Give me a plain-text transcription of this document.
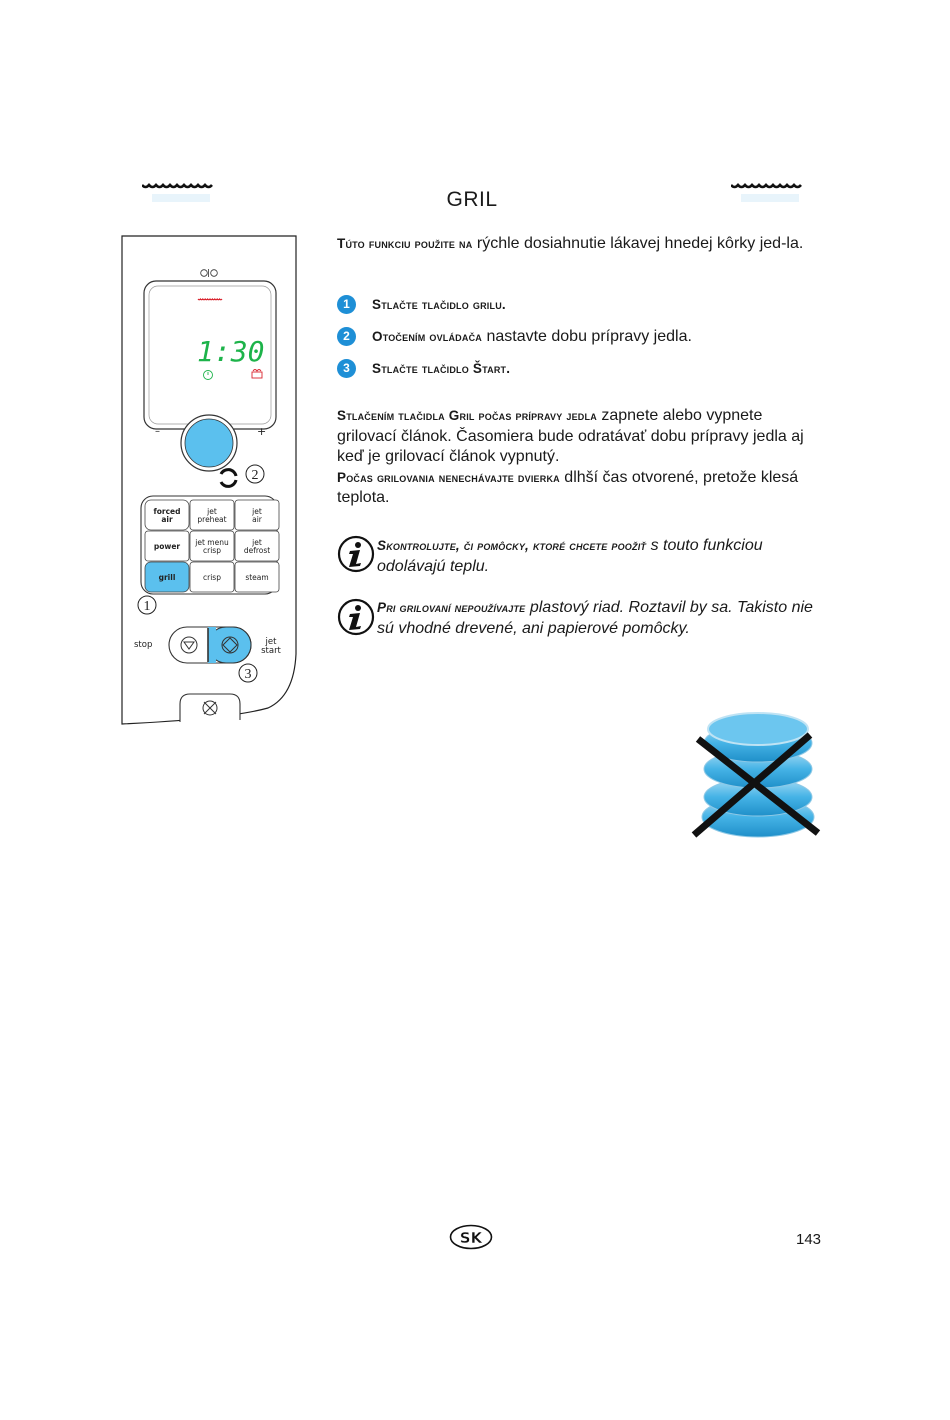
GRIL
Túto funkciu použite na rýchle dosiahnutie lákavej hnedej kôrky jed-la.
1 Stlačte tlačidlo grilu.
2 Otočením ovládača nastavte dobu prípravy jedla.
3 Stlačte tlačidlo Štart.
Stlačením tlačidla Gril počas prípravy jedla zapnete alebo vypnete grilovací článok. Časomiera bude odratávať dobu prípravy jedla aj keď je grilovací článok vypnutý.
Počas grilovania nenechávajte dvierka dlhší čas otvorené, pretože klesá teplota.
Skontrolujte, či pomôcky, ktoré chcete poožiť s touto funkciou odolávajú teplu.
Pri grilovaní nepoužívajte plastový riad. Roztavil by sa. Takisto nie sú vhodné drevené, ani papierové pomôcky.
1:30
–	+
2
forced
air
jet
preheat
jet
air
power jet menu
crisp
jet
defrost
grill	crisp	steam
1
stop	jet
start
3
SK	143
